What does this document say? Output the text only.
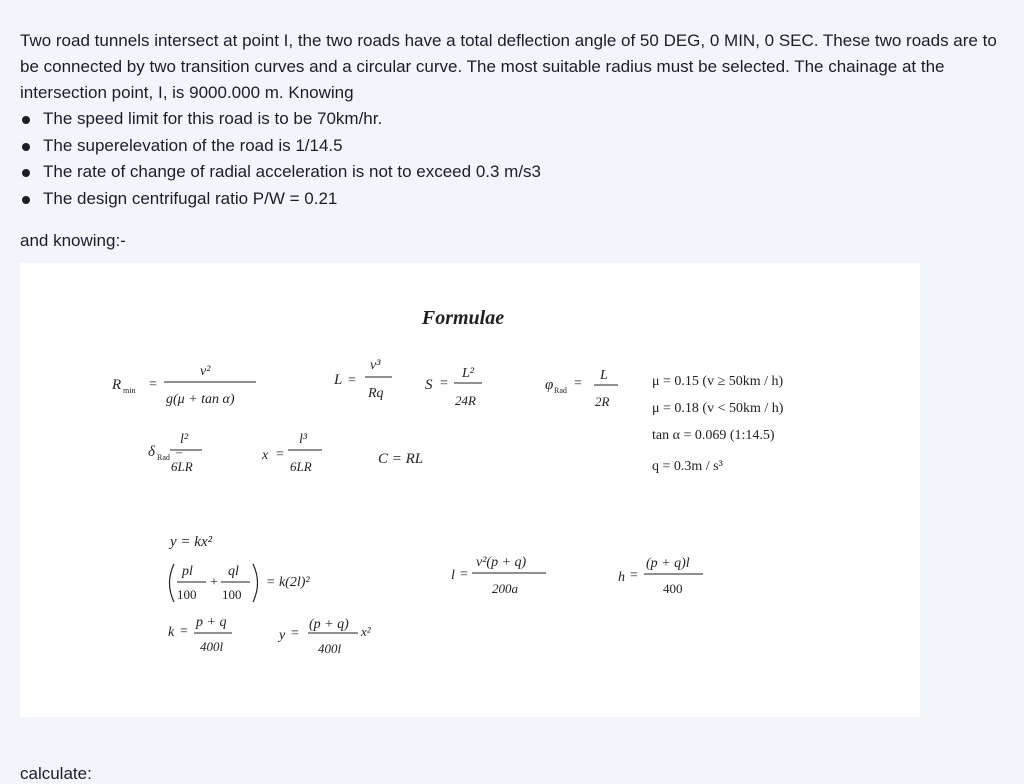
Two road tunnels intersect at point I, the two roads have a total deflection angle of 50 DEG, 0 MIN, 0 SEC. These two roads are to be connected by two transition curves and a circular curve. The most suitable radius must be selected. The chainage at the intersection point, I, is 9000.000 m. Knowing

The speed limit for this road is to be 70km/hr.
The superelevation of the road is 1/14.5
The rate of change of radial acceleration is not to exceed 0.3 m/s3
The design centrifugal ratio P/W = 0.21

and knowing:-

Formulae
R min =
v²
g(μ + tan α)
L =
v³
Rq
S =
L²
24R
φ Rad =
L
2R
μ = 0.15 (v ≥ 50km / h)
μ = 0.18 (v < 50km / h)
tan α = 0.069 (1:14.5)
q = 0.3m / s³
δ Rad =
l²
6LR
x =
l³
6LR	C = RL
y = kx²
pl
100
+
ql
100
= k(2l)²
k =
p + q
400l
y =
(p + q)
400l
x²
l =
v²(p + q)
200a
h =
(p + q)l
400

calculate:
